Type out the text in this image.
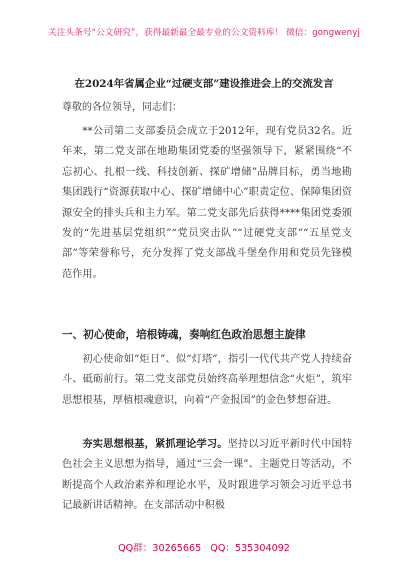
关注头条号“公文研究”，获得最新最全最专业的公文资料库！ 微信：gongwenyj
在2024年省属企业“过硬支部”建设推进会上的交流发言
尊敬的各位领导，同志们：

**公司第二支部委员会成立于2012年，现有党员32名。近年来，第二党支部在地勘集团党委的坚强领导下，紧紧围绕“不忘初心、扎根一线、科技创新、探矿增储”品牌目标，勇当地勘集团践行“资源获取中心、探矿增储中心”职责定位、保障集团资源安全的排头兵和主力军。第二党支部先后获得****集团党委颁发的“先进基层党组织”“党员突击队”“过硬党支部”“五星党支部”等荣誉称号，充分发挥了党支部战斗堡垒作用和党员先锋模范作用。

一、初心使命，培根铸魂，奏响红色政治思想主旋律

初心使命如“炬日”、似“灯塔”，指引一代代共产党人持续奋斗、砥砺前行。第二党支部党员始终高举理想信念“火炬”，筑牢思想根基，厚植根魂意识，向着“产金报国”的金色梦想奋进。

夯实思想根基，紧抓理论学习。坚持以习近平新时代中国特色社会主义思想为指导，通过“三会一课”、主题党日等活动，不断提高个人政治素养和理论水平，及时跟进学习领会习近平总书记最新讲话精神。在支部活动中积极

QQ群：30265665 QQ：535304092
